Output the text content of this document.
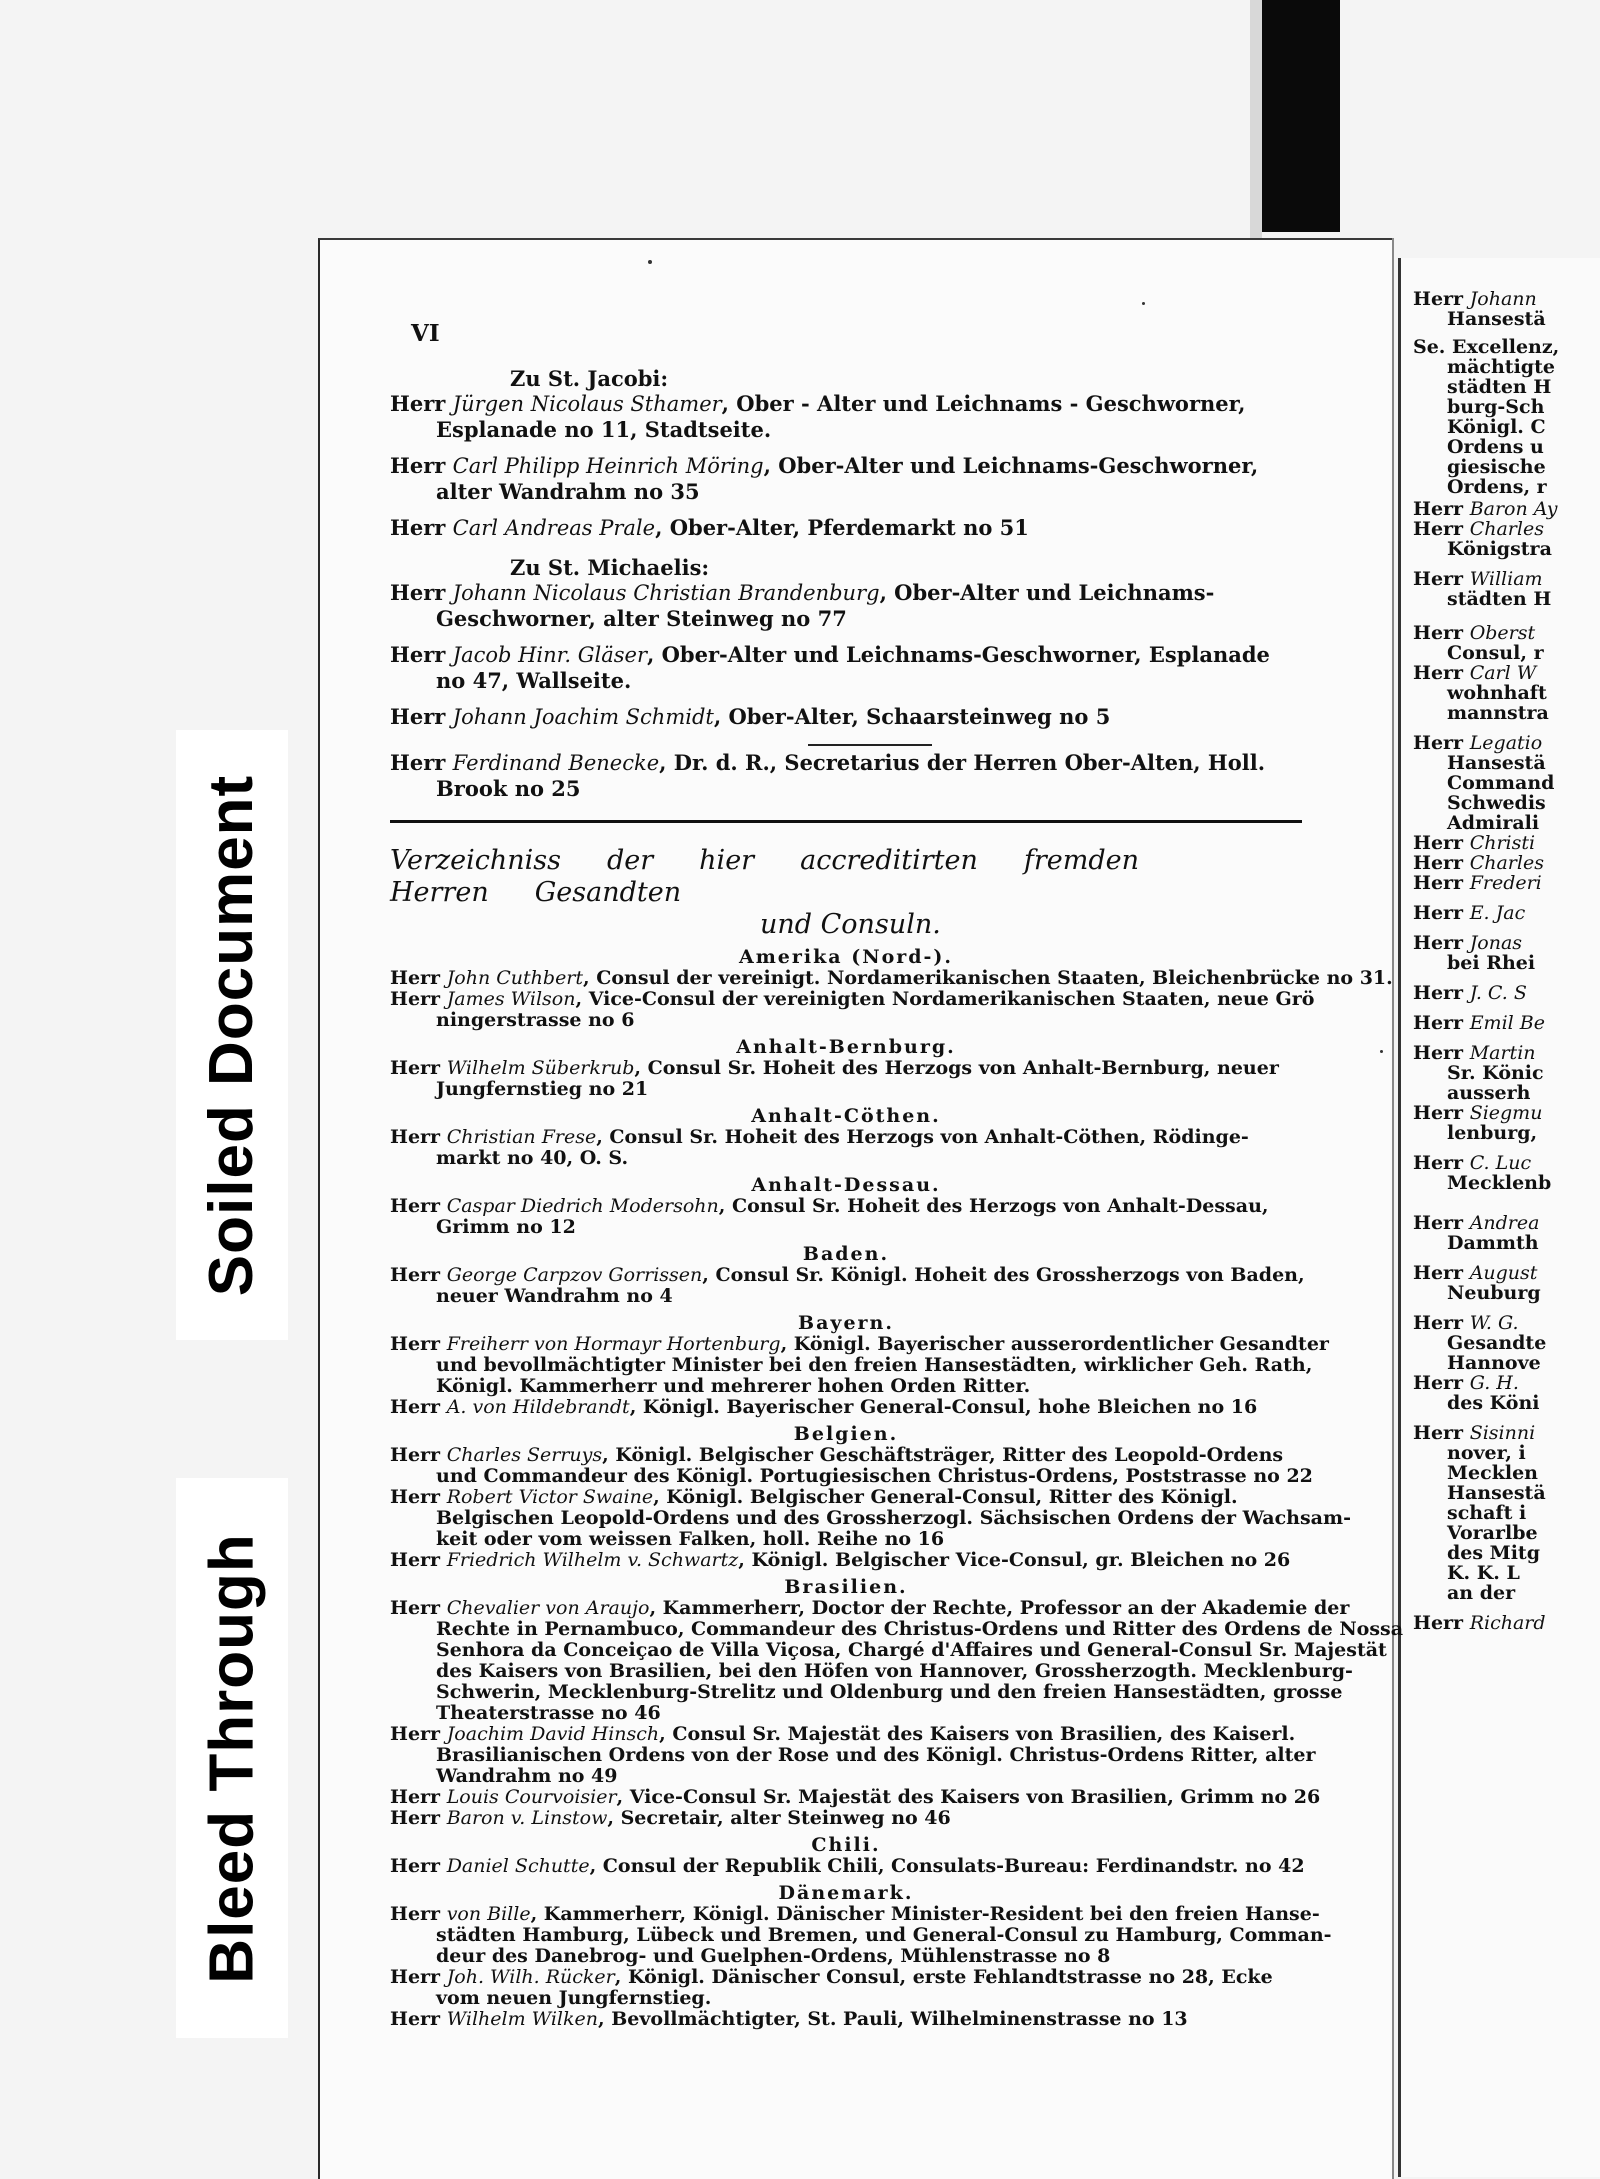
Soiled Document
Bleed Through
Herr Johann
Hansestä
Se. Excellenz,
mächtigte
städten H
burg-Sch
Königl. C
Ordens u
giesische
Ordens, r
Herr Baron Ay
Herr Charles
Königstra
Herr William
städten H
Herr Oberst
Consul, r
Herr Carl W
wohnhaft
mannstra
Herr Legatio
Hansestä
Command
Schwedis
Admirali
Herr Christi
Herr Charles
Herr Frederi
Herr E. Jac
Herr Jonas
bei Rhei
Herr J. C. S
Herr Emil Be
Herr Martin
Sr. Könic
ausserh
Herr Siegmu
lenburg,
Herr C. Luc
Mecklenb
Herr Andrea
Dammth
Herr August
Neuburg
Herr W. G.
Gesandte
Hannove
Herr G. H.
des Köni
Herr Sisinni
nover, i
Mecklen
Hansestä
schaft i
Vorarlbe
des Mitg
K. K. L
an der
Herr Richard
VI
Zu St. Jacobi:
Herr Jürgen Nicolaus Sthamer, Ober - Alter und Leichnams - Geschworner,
Esplanade no 11, Stadtseite.
Herr Carl Philipp Heinrich Möring, Ober-Alter und Leichnams-Geschworner,
alter Wandrahm no 35
Herr Carl Andreas Prale, Ober-Alter, Pferdemarkt no 51
Zu St. Michaelis:
Herr Johann Nicolaus Christian Brandenburg, Ober-Alter und Leichnams-
Geschworner, alter Steinweg no 77
Herr Jacob Hinr. Gläser, Ober-Alter und Leichnams-Geschworner, Esplanade
no 47, Wallseite.
Herr Johann Joachim Schmidt, Ober-Alter, Schaarsteinweg no 5
Herr Ferdinand Benecke, Dr. d. R., Secretarius der Herren Ober-Alten, Holl.
Brook no 25
Verzeichniss der hier accreditirten fremdenHerren Gesandten
und Consuln.
Amerika (Nord-).
Herr John Cuthbert, Consul der vereinigt. Nordamerikanischen Staaten, Bleichenbrücke no 31.
Herr James Wilson, Vice-Consul der vereinigten Nordamerikanischen Staaten, neue Grö
ningerstrasse no 6
Anhalt-Bernburg.
Herr Wilhelm Süberkrub, Consul Sr. Hoheit des Herzogs von Anhalt-Bernburg, neuer
Jungfernstieg no 21
Anhalt-Cöthen.
Herr Christian Frese, Consul Sr. Hoheit des Herzogs von Anhalt-Cöthen, Rödinge-
markt no 40, O. S.
Anhalt-Dessau.
Herr Caspar Diedrich Modersohn, Consul Sr. Hoheit des Herzogs von Anhalt-Dessau,
Grimm no 12
Baden.
Herr George Carpzov Gorrissen, Consul Sr. Königl. Hoheit des Grossherzogs von Baden,
neuer Wandrahm no 4
Bayern.
Herr Freiherr von Hormayr Hortenburg, Königl. Bayerischer ausserordentlicher Gesandter
und bevollmächtigter Minister bei den freien Hansestädten, wirklicher Geh. Rath,
Königl. Kammerherr und mehrerer hohen Orden Ritter.
Herr A. von Hildebrandt, Königl. Bayerischer General-Consul, hohe Bleichen no 16
Belgien.
Herr Charles Serruys, Königl. Belgischer Geschäftsträger, Ritter des Leopold-Ordens
und Commandeur des Königl. Portugiesischen Christus-Ordens, Poststrasse no 22
Herr Robert Victor Swaine, Königl. Belgischer General-Consul, Ritter des Königl.
Belgischen Leopold-Ordens und des Grossherzogl. Sächsischen Ordens der Wachsam-
keit oder vom weissen Falken, holl. Reihe no 16
Herr Friedrich Wilhelm v. Schwartz, Königl. Belgischer Vice-Consul, gr. Bleichen no 26
Brasilien.
Herr Chevalier von Araujo, Kammerherr, Doctor der Rechte, Professor an der Akademie der
Rechte in Pernambuco, Commandeur des Christus-Ordens und Ritter des Ordens de Nossa
Senhora da Conceiçao de Villa Viçosa, Chargé d'Affaires und General-Consul Sr. Majestät
des Kaisers von Brasilien, bei den Höfen von Hannover, Grossherzogth. Mecklenburg-
Schwerin, Mecklenburg-Strelitz und Oldenburg und den freien Hansestädten, grosse
Theaterstrasse no 46
Herr Joachim David Hinsch, Consul Sr. Majestät des Kaisers von Brasilien, des Kaiserl.
Brasilianischen Ordens von der Rose und des Königl. Christus-Ordens Ritter, alter
Wandrahm no 49
Herr Louis Courvoisier, Vice-Consul Sr. Majestät des Kaisers von Brasilien, Grimm no 26
Herr Baron v. Linstow, Secretair, alter Steinweg no 46
Chili.
Herr Daniel Schutte, Consul der Republik Chili, Consulats-Bureau: Ferdinandstr. no 42
Dänemark.
Herr von Bille, Kammerherr, Königl. Dänischer Minister-Resident bei den freien Hanse-
städten Hamburg, Lübeck und Bremen, und General-Consul zu Hamburg, Comman-
deur des Danebrog- und Guelphen-Ordens, Mühlenstrasse no 8
Herr Joh. Wilh. Rücker, Königl. Dänischer Consul, erste Fehlandtstrasse no 28, Ecke
vom neuen Jungfernstieg.
Herr Wilhelm Wilken, Bevollmächtigter, St. Pauli, Wilhelminenstrasse no 13
